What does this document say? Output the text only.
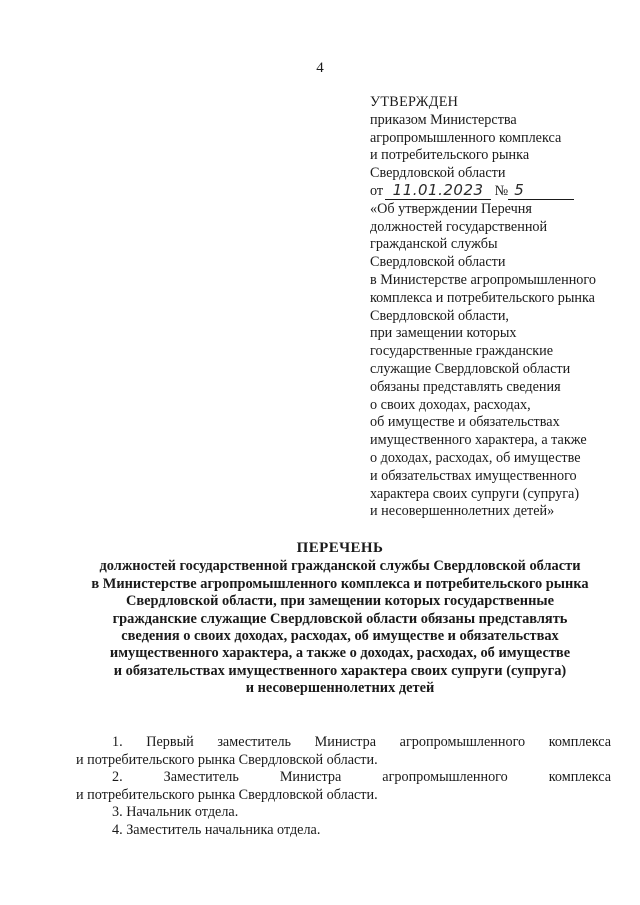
4
УТВЕРЖДЕН
приказом Министерства
агропромышленного комплекса
и потребительского рынка
Свердловской области
от 11.01.2023 № 5
«Об утверждении Перечня
должностей государственной
гражданской службы
Свердловской области
в Министерстве агропромышленного
комплекса и потребительского рынка
Свердловской области,
при замещении которых
государственные гражданские
служащие Свердловской области
обязаны представлять сведения
о своих доходах, расходах,
об имуществе и обязательствах
имущественного характера, а также
о доходах, расходах, об имуществе
и обязательствах имущественного
характера своих супруги (супруга)
и несовершеннолетних детей»
ПЕРЕЧЕНЬ
должностей государственной гражданской службы Свердловской области
в Министерстве агропромышленного комплекса и потребительского рынка
Свердловской области, при замещении которых государственные
гражданские служащие Свердловской области обязаны представлять
сведения о своих доходах, расходах, об имуществе и обязательствах
имущественного характера, а также о доходах, расходах, об имуществе
и обязательствах имущественного характера своих супруги (супруга)
и несовершеннолетних детей
1. Первый заместитель Министра агропромышленного комплекса
и потребительского рынка Свердловской области.
2. Заместитель Министра агропромышленного комплекса
и потребительского рынка Свердловской области.
3. Начальник отдела.
4. Заместитель начальника отдела.
